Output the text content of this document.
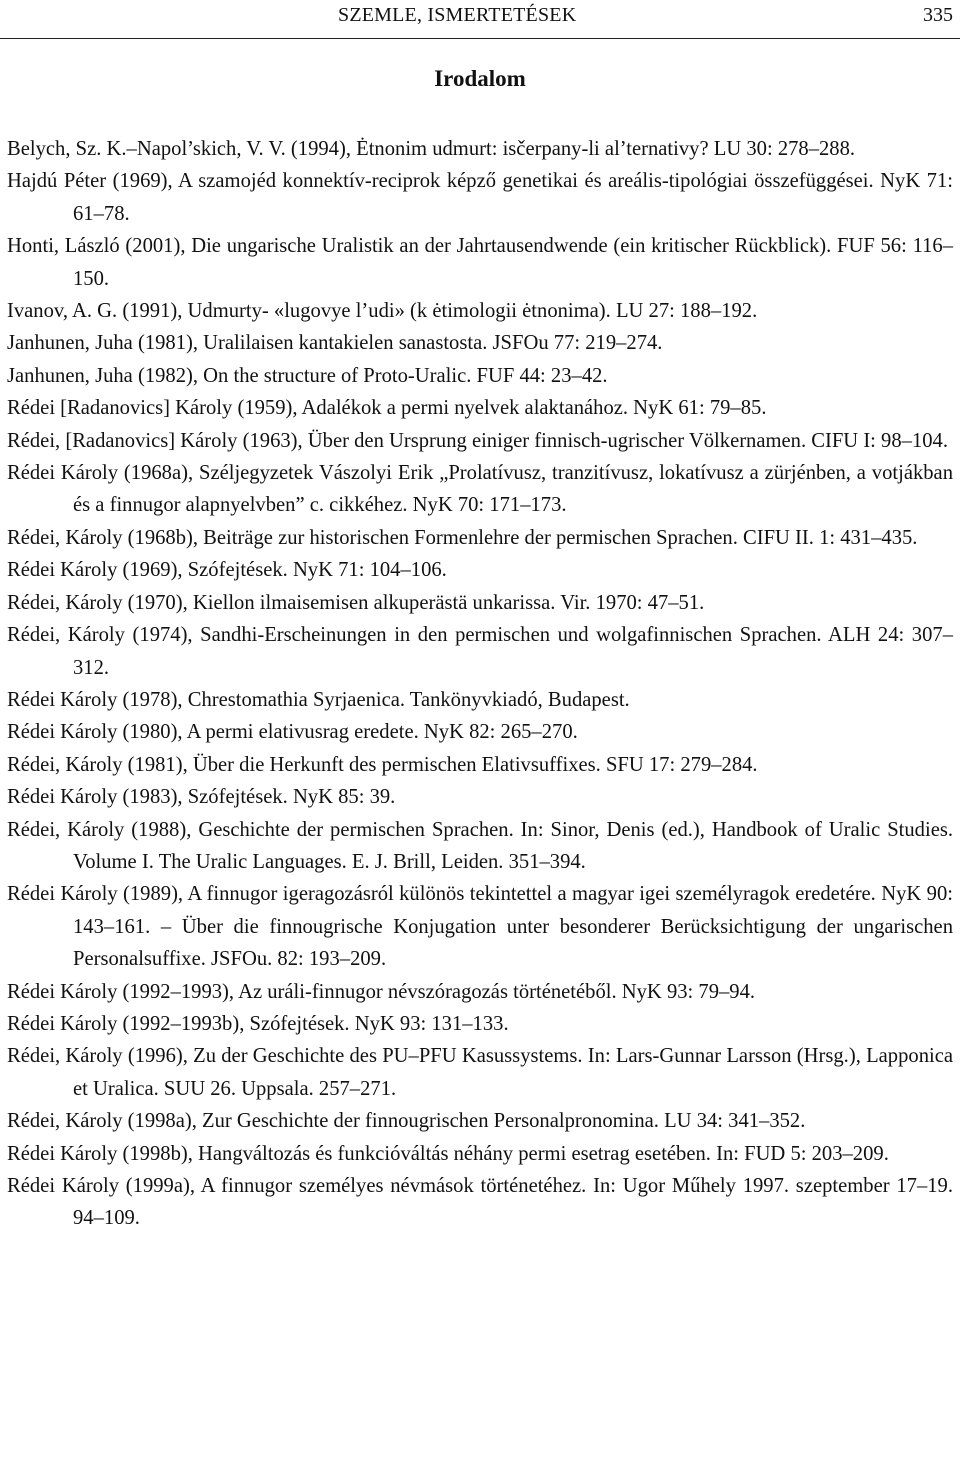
SZEMLE, ISMERTETÉSEK	335
Irodalom
Belych, Sz. K.–Napol’skich, V. V. (1994), Ėtnonim udmurt: isčerpany-li al’ternativy? LU 30: 278–288.
Hajdú Péter (1969), A szamojéd konnektív-reciprok képző genetikai és areális-tipológiai összefüggései. NyK 71: 61–78.
Honti, László (2001), Die ungarische Uralistik an der Jahrtausendwende (ein kritischer Rückblick). FUF 56: 116–150.
Ivanov, A. G. (1991), Udmurty- «lugovye l’udi» (k ėtimologii ėtnonima). LU 27: 188–192.
Janhunen, Juha (1981), Uralilaisen kantakielen sanastosta. JSFOu 77: 219–274.
Janhunen, Juha (1982), On the structure of Proto-Uralic. FUF 44: 23–42.
Rédei [Radanovics] Károly (1959), Adalékok a permi nyelvek alaktanához. NyK 61: 79–85.
Rédei, [Radanovics] Károly (1963), Über den Ursprung einiger finnisch-ugrischer Völkernamen. CIFU I: 98–104.
Rédei Károly (1968a), Széljegyzetek Vászolyi Erik „Prolatívusz, tranzitívusz, lokatívusz a zürjénben, a votjákban és a finnugor alapnyelvben” c. cikkéhez. NyK 70: 171–173.
Rédei, Károly (1968b), Beiträge zur historischen Formenlehre der permischen Sprachen. CIFU II. 1: 431–435.
Rédei Károly (1969), Szófejtések. NyK 71: 104–106.
Rédei, Károly (1970), Kiellon ilmaisemisen alkuperästä unkarissa. Vir. 1970: 47–51.
Rédei, Károly (1974), Sandhi-Erscheinungen in den permischen und wolgafinnischen Sprachen. ALH 24: 307–312.
Rédei Károly (1978), Chrestomathia Syrjaenica. Tankönyvkiadó, Budapest.
Rédei Károly (1980), A permi elativusrag eredete. NyK 82: 265–270.
Rédei, Károly (1981), Über die Herkunft des permischen Elativsuffixes. SFU 17: 279–284.
Rédei Károly (1983), Szófejtések. NyK 85: 39.
Rédei, Károly (1988), Geschichte der permischen Sprachen. In: Sinor, Denis (ed.), Handbook of Uralic Studies. Volume I. The Uralic Languages. E. J. Brill, Leiden. 351–394.
Rédei Károly (1989), A finnugor igeragozásról különös tekintettel a magyar igei személyragok eredetére. NyK 90: 143–161. – Über die finnougrische Konjugation unter besonderer Berücksichtigung der ungarischen Personalsuffixe. JSFOu. 82: 193–209.
Rédei Károly (1992–1993), Az uráli-finnugor névszóragozás történetéből. NyK 93: 79–94.
Rédei Károly (1992–1993b), Szófejtések. NyK 93: 131–133.
Rédei, Károly (1996), Zu der Geschichte des PU–PFU Kasussystems. In: Lars-Gunnar Larsson (Hrsg.), Lapponica et Uralica. SUU 26. Uppsala. 257–271.
Rédei, Károly (1998a), Zur Geschichte der finnougrischen Personalpronomina. LU 34: 341–352.
Rédei Károly (1998b), Hangváltozás és funkcióváltás néhány permi esetrag esetében. In: FUD 5: 203–209.
Rédei Károly (1999a), A finnugor személyes névmások történetéhez. In: Ugor Műhely 1997. szeptember 17–19. 94–109.
